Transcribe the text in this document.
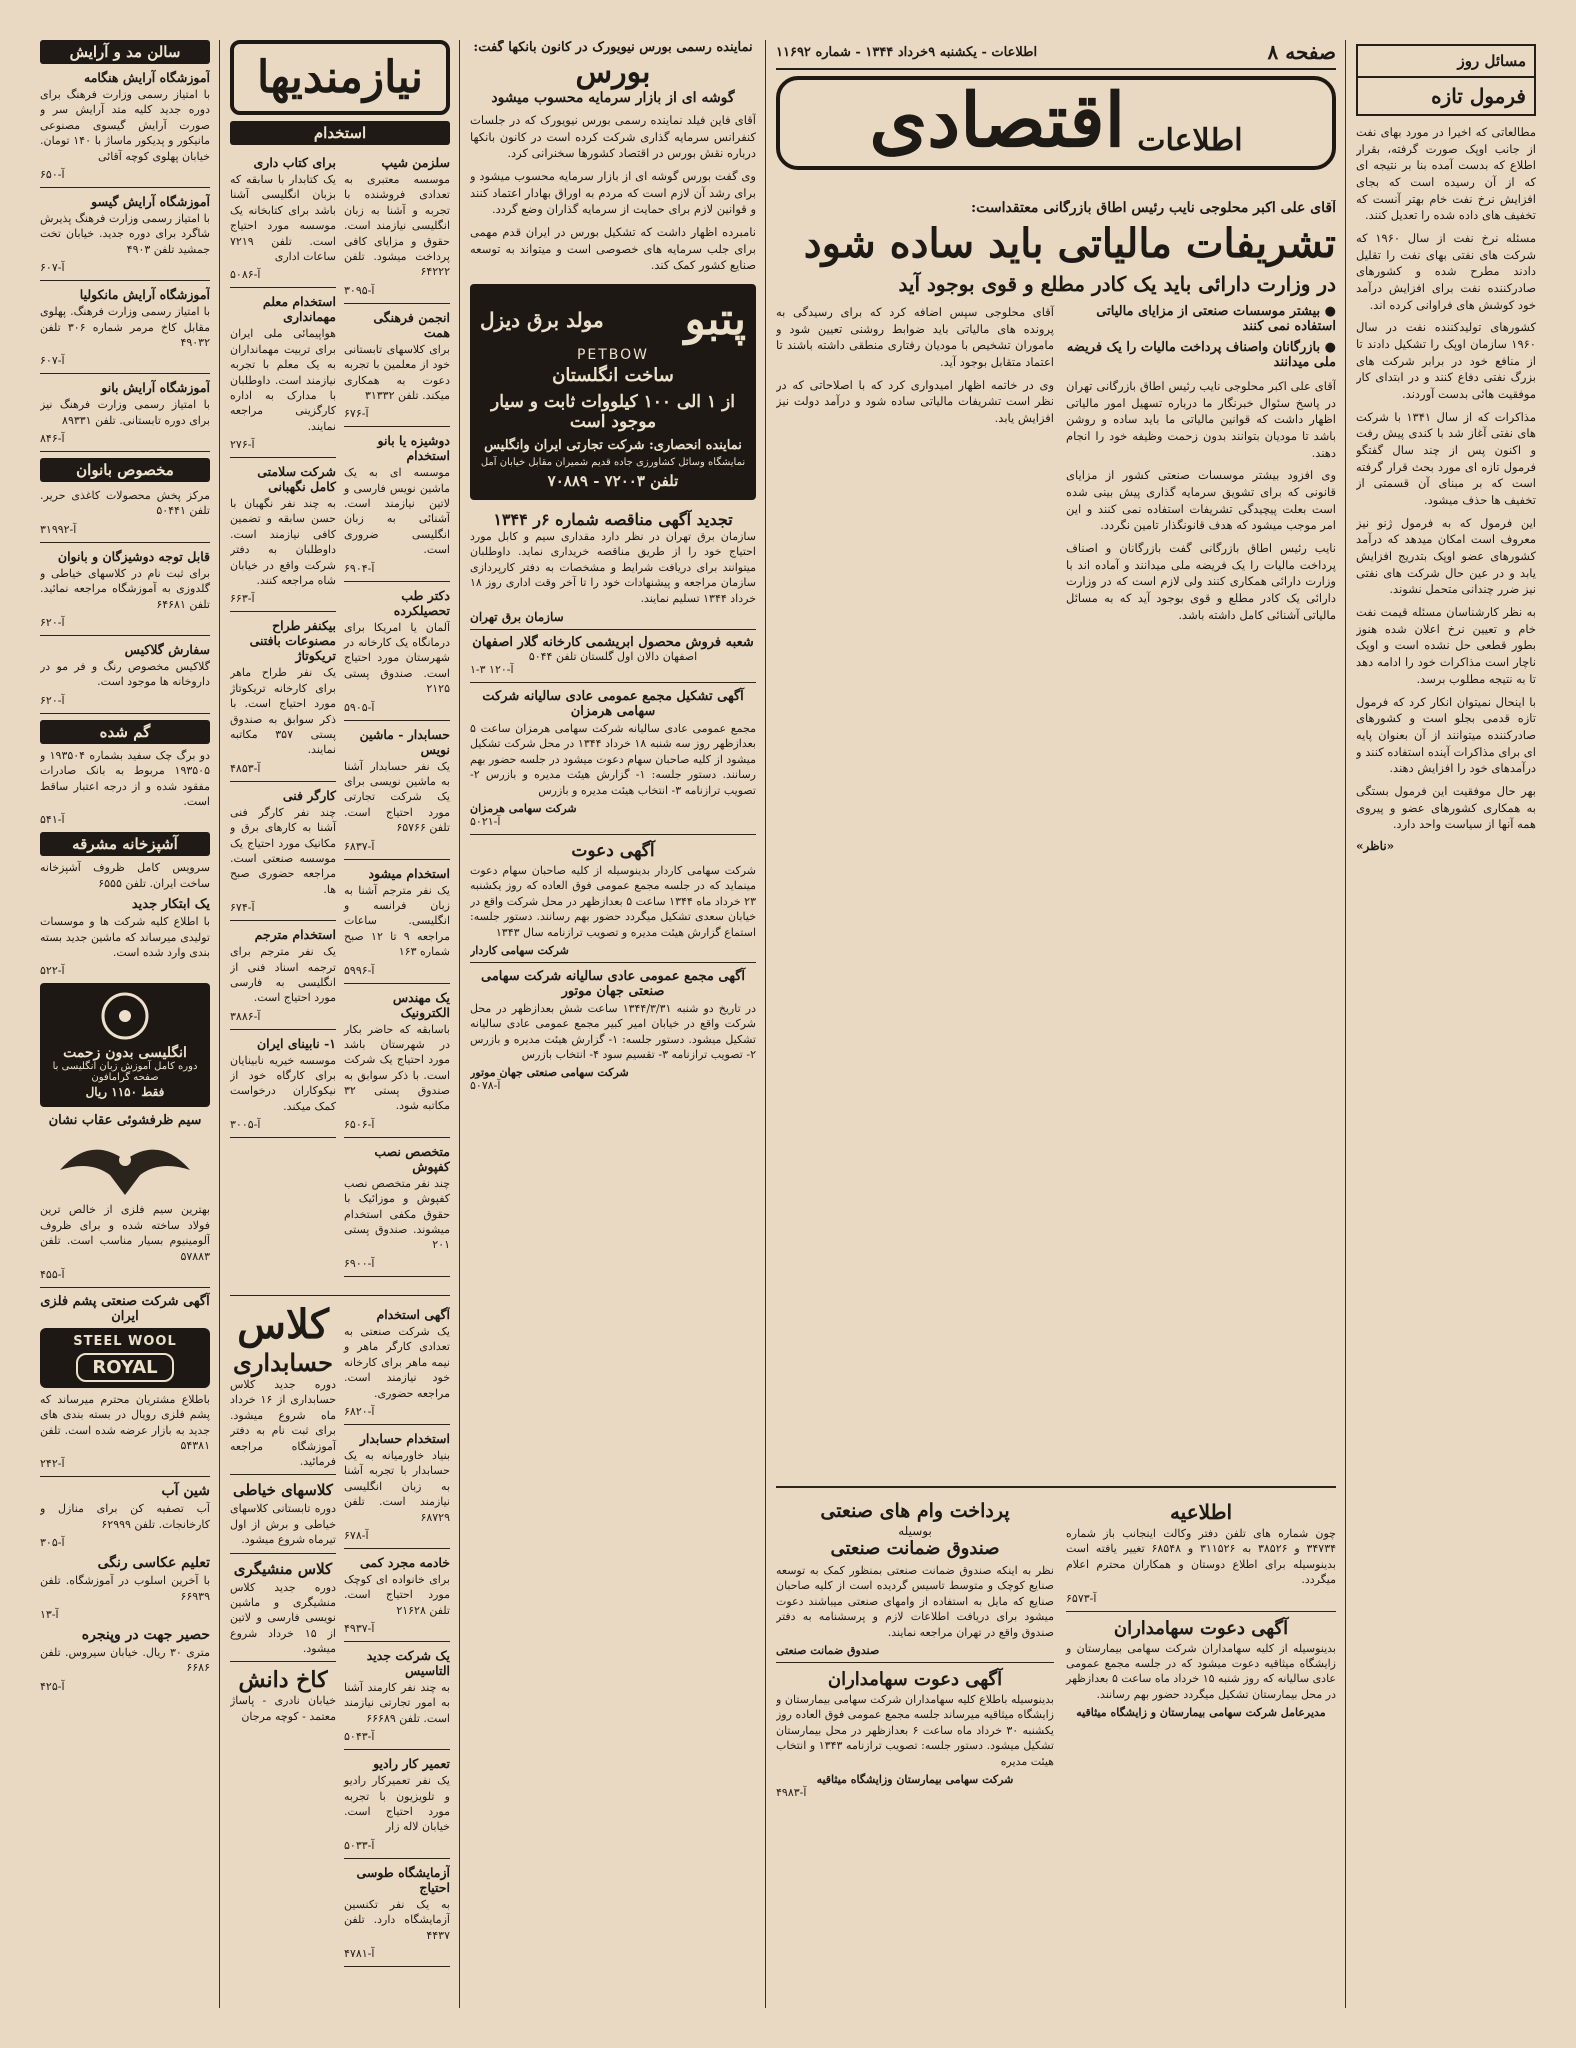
مسائل روز
فرمول تازه

مطالعاتی که اخیرا در مورد بهای نفت از جانب اوپک صورت گرفته، بقرار اطلاع که بدست آمده بنا بر نتیجه ای که از آن رسیده است که بجای افزایش نرخ نفت خام بهتر آنست که تخفیف های داده شده را تعدیل کنند.

مسئله نرخ نفت از سال ۱۹۶۰ که شرکت های نفتی بهای نفت را تقلیل دادند مطرح شده و کشورهای صادرکننده نفت برای افزایش درآمد خود کوشش های فراوانی کرده اند.

کشورهای تولیدکننده نفت در سال ۱۹۶۰ سازمان اوپک را تشکیل دادند تا از منافع خود در برابر شرکت های بزرگ نفتی دفاع کنند و در ابتدای کار موفقیت هائی بدست آوردند.

مذاکرات که از سال ۱۳۴۱ با شرکت های نفتی آغاز شد با کندی پیش رفت و اکنون پس از چند سال گفتگو فرمول تازه ای مورد بحث قرار گرفته است که بر مبنای آن قسمتی از تخفیف ها حذف میشود.

این فرمول که به فرمول ژنو نیز معروف است امکان میدهد که درآمد کشورهای عضو اوپک بتدریج افزایش یابد و در عین حال شرکت های نفتی نیز ضرر چندانی متحمل نشوند.

به نظر کارشناسان مسئله قیمت نفت خام و تعیین نرخ اعلان شده هنوز بطور قطعی حل نشده است و اوپک ناچار است مذاکرات خود را ادامه دهد تا به نتیجه مطلوب برسد.

با اینحال نمیتوان انکار کرد که فرمول تازه قدمی بجلو است و کشورهای صادرکننده میتوانند از آن بعنوان پایه ای برای مذاکرات آینده استفاده کنند و درآمدهای خود را افزایش دهند.

بهر حال موفقیت این فرمول بستگی به همکاری کشورهای عضو و پیروی همه آنها از سیاست واحد دارد.

«ناظر»
صفحه ۸
اطلاعات - یکشنبه ۹خرداد ۱۳۴۴ - شماره ۱۱۶۹۲
اطلاعات
اقتصادی
آقای علی اکبر محلوجی نایب رئیس اطاق بازرگانی معتقداست:
تشریفات مالیاتی باید ساده شود
در وزارت دارائی باید یک کادر مطلع و قوی بوجود آید
● بیشتر موسسات صنعتی از مزایای مالیاتی استفاده نمی کنند
● بازرگانان واصناف پرداخت مالیات را یک فریضه ملی میدانند

آقای علی اکبر محلوجی نایب رئیس اطاق بازرگانی تهران در پاسخ سئوال خبرنگار ما درباره تسهیل امور مالیاتی اظهار داشت که قوانین مالیاتی ما باید ساده و روشن باشد تا مودیان بتوانند بدون زحمت وظیفه خود را انجام دهند.

وی افزود بیشتر موسسات صنعتی کشور از مزایای قانونی که برای تشویق سرمایه گذاری پیش بینی شده است بعلت پیچیدگی تشریفات استفاده نمی کنند و این امر موجب میشود که هدف قانونگذار تامین نگردد.

نایب رئیس اطاق بازرگانی گفت بازرگانان و اصناف پرداخت مالیات را یک فریضه ملی میدانند و آماده اند با وزارت دارائی همکاری کنند ولی لازم است که در وزارت دارائی یک کادر مطلع و قوی بوجود آید که به مسائل مالیاتی آشنائی کامل داشته باشد.

آقای محلوجی سپس اضافه کرد که برای رسیدگی به پرونده های مالیاتی باید ضوابط روشنی تعیین شود و ماموران تشخیص با مودیان رفتاری منطقی داشته باشند تا اعتماد متقابل بوجود آید.

وی در خاتمه اظهار امیدواری کرد که با اصلاحاتی که در نظر است تشریفات مالیاتی ساده شود و درآمد دولت نیز افزایش یابد.

نماینده رسمی بورس نیویورک در کانون بانکها گفت:
بورس
گوشه ای از بازار سرمایه محسوب میشود

آقای فاین فیلد نماینده رسمی بورس نیویورک که در جلسات کنفرانس سرمایه گذاری شرکت کرده است در کانون بانکها درباره نقش بورس در اقتصاد کشورها سخنرانی کرد.

وی گفت بورس گوشه ای از بازار سرمایه محسوب میشود و برای رشد آن لازم است که مردم به اوراق بهادار اعتماد کنند و قوانین لازم برای حمایت از سرمایه گذاران وضع گردد.

نامبرده اظهار داشت که تشکیل بورس در ایران قدم مهمی برای جلب سرمایه های خصوصی است و میتواند به توسعه صنایع کشور کمک کند.

پتبو
مولد برق دیزل
PETBOW
ساخت انگلستان
از ۱ الی ۱۰۰ کیلووات ثابت و سیار موجود است
نماینده انحصاری: شرکت تجارتی ایران وانگلیس
نمایشگاه وسائل کشاورزی جاده قدیم شمیران مقابل خیابان آمل
تلفن ۷۲۰۰۳ - ۷۰۸۸۹
تجدید آگهی مناقصه شماره ۶ر ۱۳۴۴

سازمان برق تهران در نظر دارد مقداری سیم و کابل مورد احتیاج خود را از طریق مناقصه خریداری نماید. داوطلبان میتوانند برای دریافت شرایط و مشخصات به دفتر کارپردازی سازمان مراجعه و پیشنهادات خود را تا آخر وقت اداری روز ۱۸ خرداد ۱۳۴۴ تسلیم نمایند.

سازمان برق تهران
شعبه فروش محصول ابریشمی کارخانه گلار اصفهان
اصفهان دالان اول گلستان تلفن ۵۰۴۴
۱-۳ آ-۱۲۰
آگهی تشکیل مجمع عمومی عادی سالیانه شرکت سهامی هرمزان

مجمع عمومی عادی سالیانه شرکت سهامی هرمزان ساعت ۵ بعدازظهر روز سه شنبه ۱۸ خرداد ۱۳۴۴ در محل شرکت تشکیل میشود از کلیه صاحبان سهام دعوت میشود در جلسه حضور بهم رسانند. دستور جلسه: ۱- گزارش هیئت مدیره و بازرس ۲- تصویب ترازنامه ۳- انتخاب هیئت مدیره و بازرس

شرکت سهامی هرمزان
آ-۵۰۲۱
آگهی دعوت

شرکت سهامی کاردار بدینوسیله از کلیه صاحبان سهام دعوت مینماید که در جلسه مجمع عمومی فوق العاده که روز یکشنبه ۲۳ خرداد ماه ۱۳۴۴ ساعت ۵ بعدازظهر در محل شرکت واقع در خیابان سعدی تشکیل میگردد حضور بهم رسانند. دستور جلسه: استماع گزارش هیئت مدیره و تصویب ترازنامه سال ۱۳۴۳

شرکت سهامی کاردار
آگهی مجمع عمومی عادی سالیانه شرکت سهامی صنعتی جهان موتور

در تاریخ دو شنبه ۱۳۴۴/۳/۳۱ ساعت شش بعدازظهر در محل شرکت واقع در خیابان امیر کبیر مجمع عمومی عادی سالیانه تشکیل میشود. دستور جلسه: ۱- گزارش هیئت مدیره و بازرس ۲- تصویب ترازنامه ۳- تقسیم سود ۴- انتخاب بازرس

شرکت سهامی صنعتی جهان موتور
آ-۵۰۷۸
اطلاعیه

چون شماره های تلفن دفتر وکالت اینجانب باز شماره ۳۴۷۳۴ و ۳۸۵۲۶ به ۳۱۱۵۲۶ و ۶۸۵۴۸ تغییر یافته است بدینوسیله برای اطلاع دوستان و همکاران محترم اعلام میگردد.

آ-۶۵۷۳
آگهی دعوت سهامداران

بدینوسیله از کلیه سهامداران شرکت سهامی بیمارستان و زایشگاه میثاقیه دعوت میشود که در جلسه مجمع عمومی عادی سالیانه که روز شنبه ۱۵ خرداد ماه ساعت ۵ بعدازظهر در محل بیمارستان تشکیل میگردد حضور بهم رسانند.

مدیرعامل شرکت سهامی بیمارستان و زایشگاه میثاقیه
پرداخت وام های صنعتی
بوسیله
صندوق ضمانت صنعتی

نظر به اینکه صندوق ضمانت صنعتی بمنظور کمک به توسعه صنایع کوچک و متوسط تاسیس گردیده است از کلیه صاحبان صنایع که مایل به استفاده از وامهای صنعتی میباشند دعوت میشود برای دریافت اطلاعات لازم و پرسشنامه به دفتر صندوق واقع در تهران مراجعه نمایند.

صندوق ضمانت صنعتی
آگهی دعوت سهامداران

بدینوسیله باطلاع کلیه سهامداران شرکت سهامی بیمارستان و زایشگاه میثاقیه میرساند جلسه مجمع عمومی فوق العاده روز یکشنبه ۳۰ خرداد ماه ساعت ۶ بعدازظهر در محل بیمارستان تشکیل میشود. دستور جلسه: تصویب ترازنامه ۱۳۴۳ و انتخاب هیئت مدیره

شرکت سهامی بیمارستان وزایشگاه میثاقیه
آ-۴۹۸۳
نیازمندیها
استخدام
سلزمن شیپ

موسسه معتبری به تعدادی فروشنده با تجربه و آشنا به زبان انگلیسی نیازمند است. حقوق و مزایای کافی پرداخت میشود. تلفن ۶۴۲۲۲

آ-۳۰۹۵
انجمن فرهنگی همت

برای کلاسهای تابستانی خود از معلمین با تجربه دعوت به همکاری میکند. تلفن ۳۱۳۳۲

آ-۶۷۶
دوشیزه یا بانو استخدام

موسسه ای به یک ماشین نویس فارسی و لاتین نیازمند است. آشنائی به زبان انگلیسی ضروری است.

آ-۶۹۰۴
دکتر طب تحصیلکرده

آلمان یا امریکا برای درمانگاه یک کارخانه در شهرستان مورد احتیاج است. صندوق پستی ۲۱۲۵

آ-۵۹۰۵
حسابدار - ماشین نویس

یک نفر حسابدار آشنا به ماشین نویسی برای یک شرکت تجارتی مورد احتیاج است. تلفن ۶۵۷۶۶

آ-۶۸۳۷
استخدام میشود

یک نفر مترجم آشنا به زبان فرانسه و انگلیسی. ساعات مراجعه ۹ تا ۱۲ صبح شماره ۱۶۳

آ-۵۹۹۶
یک مهندس الکترونیک

باسابقه که حاضر بکار در شهرستان باشد مورد احتیاج یک شرکت است. با ذکر سوابق به صندوق پستی ۳۲ مکاتبه شود.

آ-۶۵۰۶
متخصص نصب کفپوش

چند نفر متخصص نصب کفپوش و موزائیک با حقوق مکفی استخدام میشوند. صندوق پستی ۲۰۱

آ-۶۹۰۰
برای کتاب داری

یک کتابدار با سابقه که بزبان انگلیسی آشنا باشد برای کتابخانه یک موسسه مورد احتیاج است. تلفن ۷۲۱۹ ساعات اداری

آ-۵۰۸۶
استخدام معلم مهمانداری

هواپیمائی ملی ایران برای تربیت مهمانداران به یک معلم با تجربه نیازمند است. داوطلبان با مدارک به اداره کارگزینی مراجعه نمایند.

آ-۲۷۶
شرکت سلامتی کامل نگهبانی

به چند نفر نگهبان با حسن سابقه و تضمین کافی نیازمند است. داوطلبان به دفتر شرکت واقع در خیابان شاه مراجعه کنند.

آ-۶۶۳
بیکنفر طراح مصنوعات بافتنی تریکوتاژ

یک نفر طراح ماهر برای کارخانه تریکوتاژ مورد احتیاج است. با ذکر سوابق به صندوق پستی ۳۵۷ مکاتبه نمایند.

آ-۴۸۵۳
کارگر فنی

چند نفر کارگر فنی آشنا به کارهای برق و مکانیک مورد احتیاج یک موسسه صنعتی است. مراجعه حضوری صبح ها.

آ-۶۷۴
استخدام مترجم

یک نفر مترجم برای ترجمه اسناد فنی از انگلیسی به فارسی مورد احتیاج است.

آ-۳۸۸۶
۱- نابینای ایران

موسسه خیریه نابینایان برای کارگاه خود از نیکوکاران درخواست کمک میکند.

آ-۳۰۰۵
آگهی استخدام

یک شرکت صنعتی به تعدادی کارگر ماهر و نیمه ماهر برای کارخانه خود نیازمند است. مراجعه حضوری.

آ-۶۸۲۰
استخدام حسابدار

بنیاد خاورمیانه به یک حسابدار با تجربه آشنا به زبان انگلیسی نیازمند است. تلفن ۶۸۷۲۹

آ-۶۷۸
خادمه مجرد کمی

برای خانواده ای کوچک مورد احتیاج است. تلفن ۲۱۶۲۸

آ-۴۹۳۷
یک شرکت جدید التاسیس

به چند نفر کارمند آشنا به امور تجارتی نیازمند است. تلفن ۶۶۶۸۹

آ-۵۰۴۳
تعمیر کار رادیو

یک نفر تعمیرکار رادیو و تلویزیون با تجربه مورد احتیاج است. خیابان لاله زار

آ-۵۰۳۳
آزمایشگاه طوسی احتیاج

به یک نفر تکنسین آزمایشگاه دارد. تلفن ۴۴۳۷

آ-۴۷۸۱
کلاس
حسابداری

دوره جدید کلاس حسابداری از ۱۶ خرداد ماه شروع میشود. برای ثبت نام به دفتر آموزشگاه مراجعه فرمائید.

کلاسهای خیاطی

دوره تابستانی کلاسهای خیاطی و برش از اول تیرماه شروع میشود.

کلاس منشیگری

دوره جدید کلاس منشیگری و ماشین نویسی فارسی و لاتین از ۱۵ خرداد شروع میشود.

کاخ دانش

خیابان نادری - پاساژ معتمد - کوچه مرجان

سالن مد و آرایش
آموزشگاه آرایش هنگامه

با امتیاز رسمی وزارت فرهنگ برای دوره جدید کلیه متد آرایش سر و صورت آرایش گیسوی مصنوعی مانیکور و پدیکور ماساژ با ۱۴۰ تومان. خیابان پهلوی کوچه آقائی

آ-۶۵۰
آموزشگاه آرایش گیسو

با امتیاز رسمی وزارت فرهنگ پذیرش شاگرد برای دوره جدید. خیابان تخت جمشید تلفن ۴۹۰۳

آ-۶۰۷
آموزشگاه آرایش مانکولیا

با امتیاز رسمی وزارت فرهنگ. پهلوی مقابل کاخ مرمر شماره ۳۰۶ تلفن ۴۹۰۳۲

آ-۶۰۷
آموزشگاه آرایش بانو

با امتیاز رسمی وزارت فرهنگ نیز برای دوره تابستانی. تلفن ۸۹۳۳۱

آ-۸۴۶
مخصوص بانوان

مرکز پخش محصولات کاغذی حریر. تلفن ۵۰۴۴۱

آ-۳۱۹۹۲
قابل توجه دوشیزگان و بانوان

برای ثبت نام در کلاسهای خیاطی و گلدوزی به آموزشگاه مراجعه نمائید. تلفن ۶۴۶۸۱

آ-۶۲۰
سفارش گلاکیس

گلاکیس مخصوص رنگ و فر مو در داروخانه ها موجود است.

آ-۶۲۰
گم شده

دو برگ چک سفید بشماره ۱۹۳۵۰۴ و ۱۹۳۵۰۵ مربوط به بانک صادرات مفقود شده و از درجه اعتبار ساقط است.

آ-۵۴۱
آشپزخانه مشرقه

سرویس کامل ظروف آشپزخانه ساخت ایران. تلفن ۶۵۵۵

یک ابتکار جدید

با اطلاع کلیه شرکت ها و موسسات تولیدی میرساند که ماشین جدید بسته بندی وارد شده است.

آ-۵۲۲
انگلیسی بدون زحمت
دوره کامل آموزش زبان انگلیسی با صفحه گرامافون
فقط ۱۱۵۰ ریال
سیم ظرفشوئی عقاب نشان

بهترین سیم فلزی از خالص ترین فولاد ساخته شده و برای ظروف آلومینیوم بسیار مناسب است. تلفن ۵۷۸۸۳

آ-۴۵۵
آگهی شرکت صنعتی پشم فلزی ایران
STEEL WOOL
ROYAL

باطلاع مشتریان محترم میرساند که پشم فلزی رویال در بسته بندی های جدید به بازار عرضه شده است. تلفن ۵۴۳۸۱

آ-۲۴۲
شین آب

آب تصفیه کن برای منازل و کارخانجات. تلفن ۶۲۹۹۹

آ-۳۰۵
تعلیم عکاسی رنگی

با آخرین اسلوب در آموزشگاه. تلفن ۶۶۹۳۹

آ-۱۳
حصیر جهت در وپنجره

متری ۳۰ ریال. خیابان سیروس. تلفن ۶۶۸۶

آ-۴۲۵
